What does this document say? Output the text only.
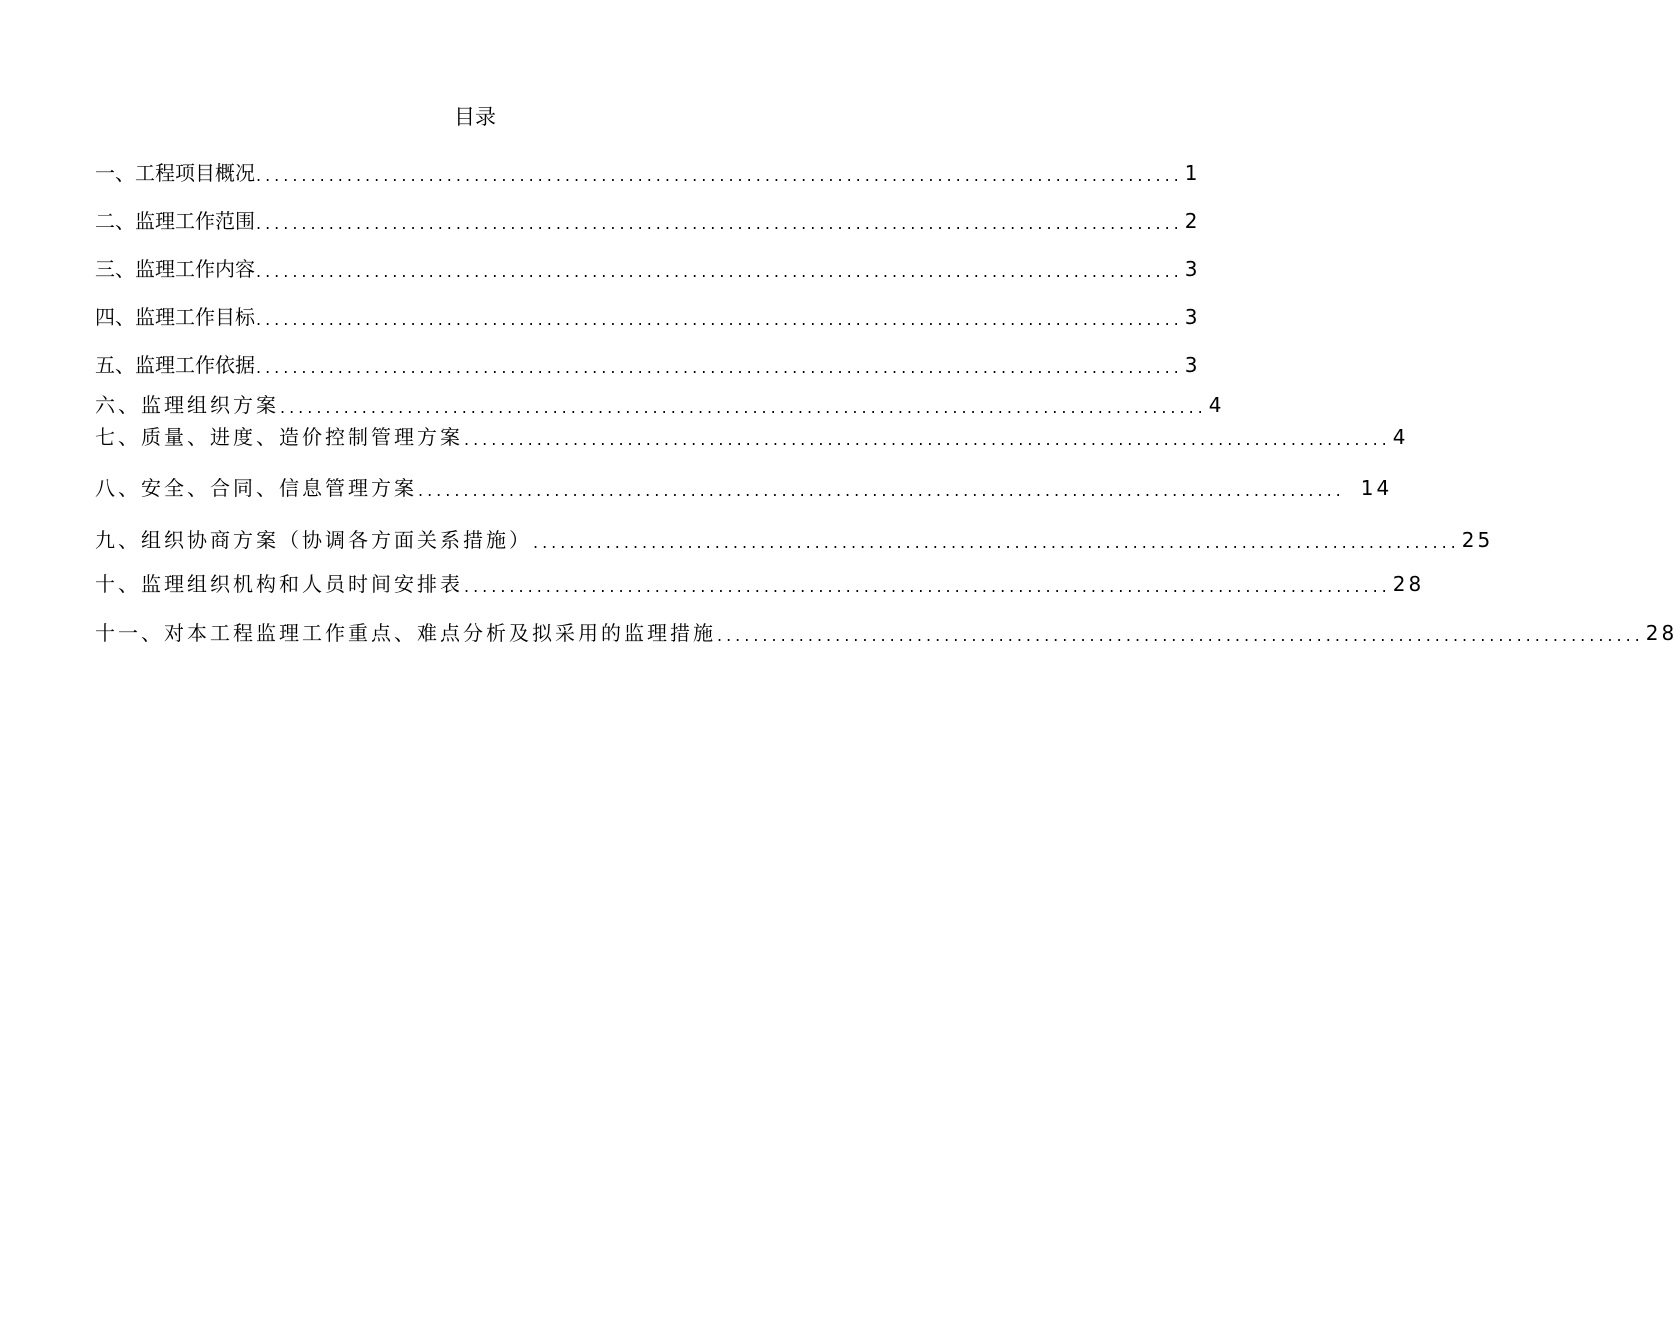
目录
一、工程项目概况 ...................................................................................................... 1
二、监理工作范围 ...................................................................................................... 2
三、监理工作内容 ...................................................................................................... 3
四、监理工作目标 ...................................................................................................... 3
五、监理工作依据 ...................................................................................................... 3
六、监理组织方案 ...................................................................................................... 4
七、质量、进度、造价控制管理方案 ...................................................................................................... 4
八、安全、合同、信息管理方案 ...................................................................................................... 14
九、组织协商方案（协调各方面关系措施） ...................................................................................................... 25
十、监理组织机构和人员时间安排表 ...................................................................................................... 28
十一、对本工程监理工作重点、难点分析及拟采用的监理措施 ...................................................................................................... 28
